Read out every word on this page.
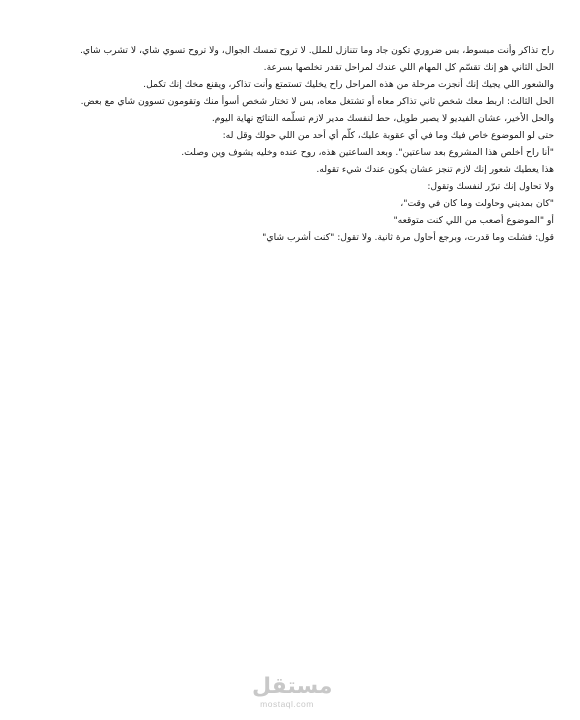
راح تذاكر وأنت مبسوط، بس ضروري تكون جاد وما تتنازل للملل. لا تروح تمسك الجوال، ولا تروح تسوي شاي، لا تشرب شاي.

الحل الثاني هو إنك تقسّم كل المهام اللي عندك لمراحل تقدر تخلصها بسرعة.

والشعور اللي يجيك إنك أنجزت مرحلة من هذه المراحل راح يخليك تستمتع وأنت تذاكر، ويقنع مخك إنك تكمل.

الحل الثالث: اربط معك شخص ثاني تذاكر معاه أو تشتغل معاه، بس لا تختار شخص أسوأ منك وتقومون تسوون شاي مع بعض.

والحل الأخير، عشان الفيديو لا يصير طويل، حط لنفسك مدير لازم تسلّمه النتائج نهاية اليوم.

حتى لو الموضوع خاص فيك وما في أي عقوبة عليك، كلّم أي أحد من اللي حولك وقل له:

"أنا راح أخلص هذا المشروع بعد ساعتين". وبعد الساعتين هذه، روح عنده وخليه يشوف وين وصلت.

هذا يعطيك شعور إنك لازم تنجز عشان يكون عندك شيء تقوله.

ولا تحاول إنك تبرّر لنفسك وتقول:

"كان بمديني وحاولت وما كان في وقت"،

أو "الموضوع أصعب من اللي كنت متوقعه"

قول: فشلت وما قدرت، وبرجع أحاول مرة ثانية. ولا تقول: "كنت أشرب شاي"

مستقل
mostaql.com
